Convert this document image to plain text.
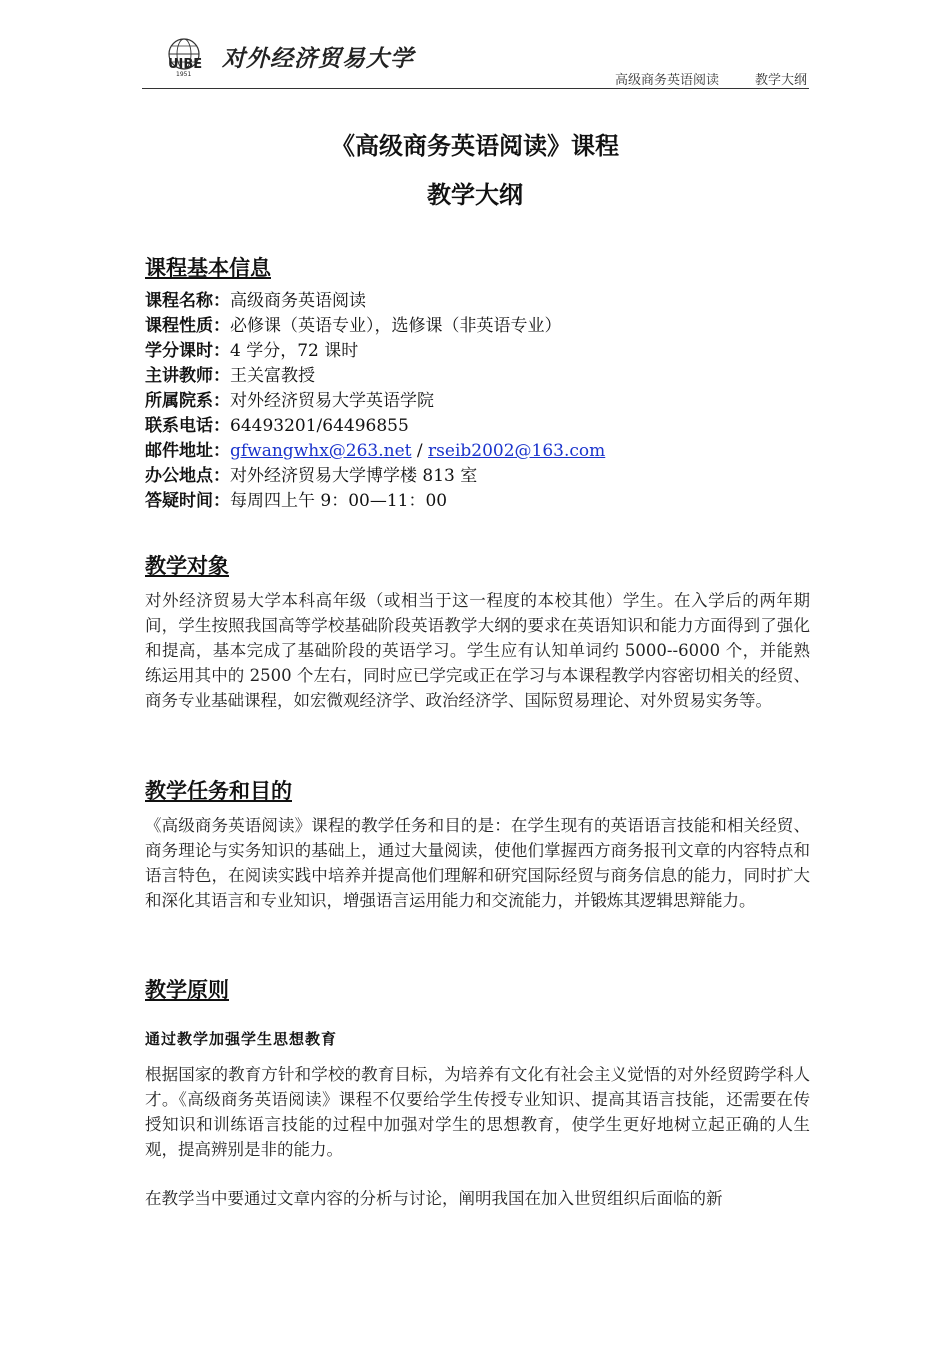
UIBE
1951
对外经济贸易大学
高级商务英语阅读	教学大纲
《高级商务英语阅读》课程
教学大纲
课程基本信息
课程名称：高级商务英语阅读
课程性质：必修课（英语专业），选修课（非英语专业）
学分课时：4 学分，72 课时
主讲教师：王关富教授
所属院系：对外经济贸易大学英语学院
联系电话：64493201/64496855
邮件地址：gfwangwhx@263.net / rseib2002@163.com
办公地点：对外经济贸易大学博学楼 813 室
答疑时间：每周四上午 9：00—11：00
教学对象
对外经济贸易大学本科高年级（或相当于这一程度的本校其他）学生。在入学后的两年期间，学生按照我国高等学校基础阶段英语教学大纲的要求在英语知识和能力方面得到了强化和提高，基本完成了基础阶段的英语学习。学生应有认知单词约 5000--6000 个，并能熟练运用其中的 2500 个左右，同时应已学完或正在学习与本课程教学内容密切相关的经贸、商务专业基础课程，如宏微观经济学、政治经济学、国际贸易理论、对外贸易实务等。
教学任务和目的
《高级商务英语阅读》课程的教学任务和目的是：在学生现有的英语语言技能和相关经贸、商务理论与实务知识的基础上，通过大量阅读，使他们掌握西方商务报刊文章的内容特点和语言特色，在阅读实践中培养并提高他们理解和研究国际经贸与商务信息的能力，同时扩大和深化其语言和专业知识，增强语言运用能力和交流能力，并锻炼其逻辑思辩能力。
教学原则
通过教学加强学生思想教育
根据国家的教育方针和学校的教育目标，为培养有文化有社会主义觉悟的对外经贸跨学科人才。《高级商务英语阅读》课程不仅要给学生传授专业知识、提高其语言技能，还需要在传授知识和训练语言技能的过程中加强对学生的思想教育，使学生更好地树立起正确的人生观，提高辨别是非的能力。
在教学当中要通过文章内容的分析与讨论，阐明我国在加入世贸组织后面临的新
